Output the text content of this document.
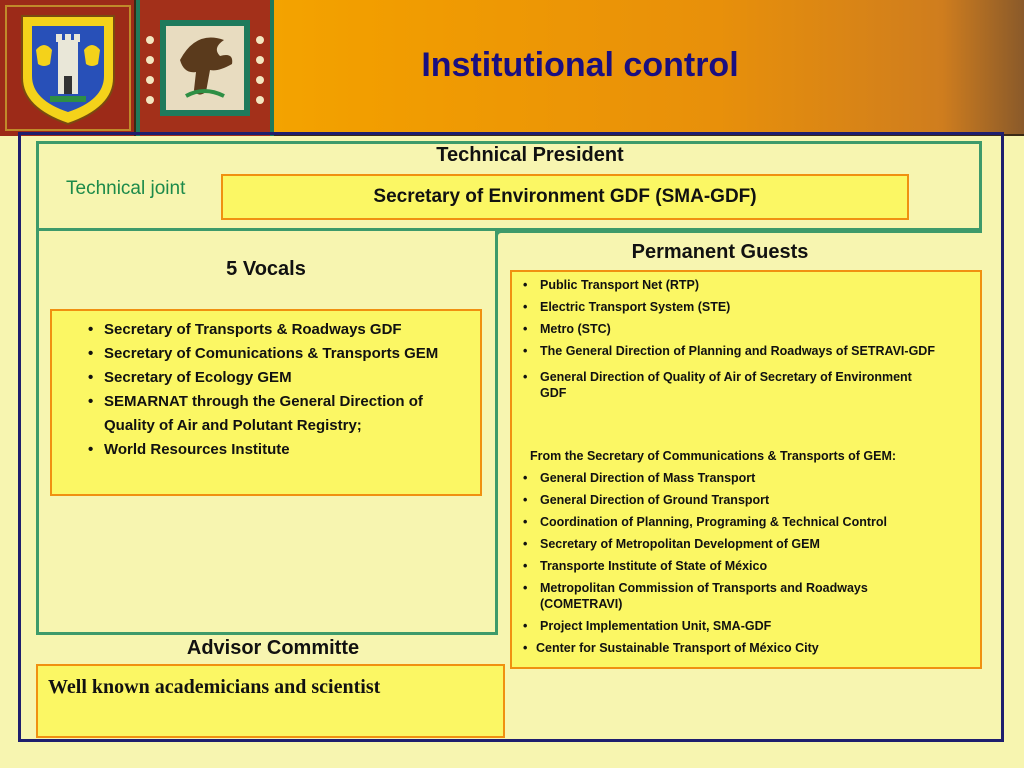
Institutional control
Technical President
Technical joint	Secretary of Environment GDF (SMA-GDF)
5 Vocals
• Secretary of Transports & Roadways GDF
• Secretary of Comunications & Transports GEM
• Secretary of Ecology GEM
• SEMARNAT through the General Direction of Quality of Air and Polutant Registry;
• World Resources Institute
Permanent Guests
• Public Transport Net (RTP)
• Electric Transport System (STE)
• Metro (STC)
• The General Direction of Planning and Roadways of SETRAVI-GDF
• General Direction of Quality of Air of Secretary of Environment GDF
From the Secretary of Communications & Transports of GEM:
• General Direction of Mass Transport
• General Direction of Ground Transport
• Coordination of Planning, Programing & Technical Control
• Secretary of Metropolitan Development of GEM
• Transporte Institute of State of México
• Metropolitan Commission of Transports and Roadways (COMETRAVI)
• Project Implementation Unit, SMA-GDF
• Center for Sustainable Transport of México City
Advisor Committe
Well known academicians and scientist
